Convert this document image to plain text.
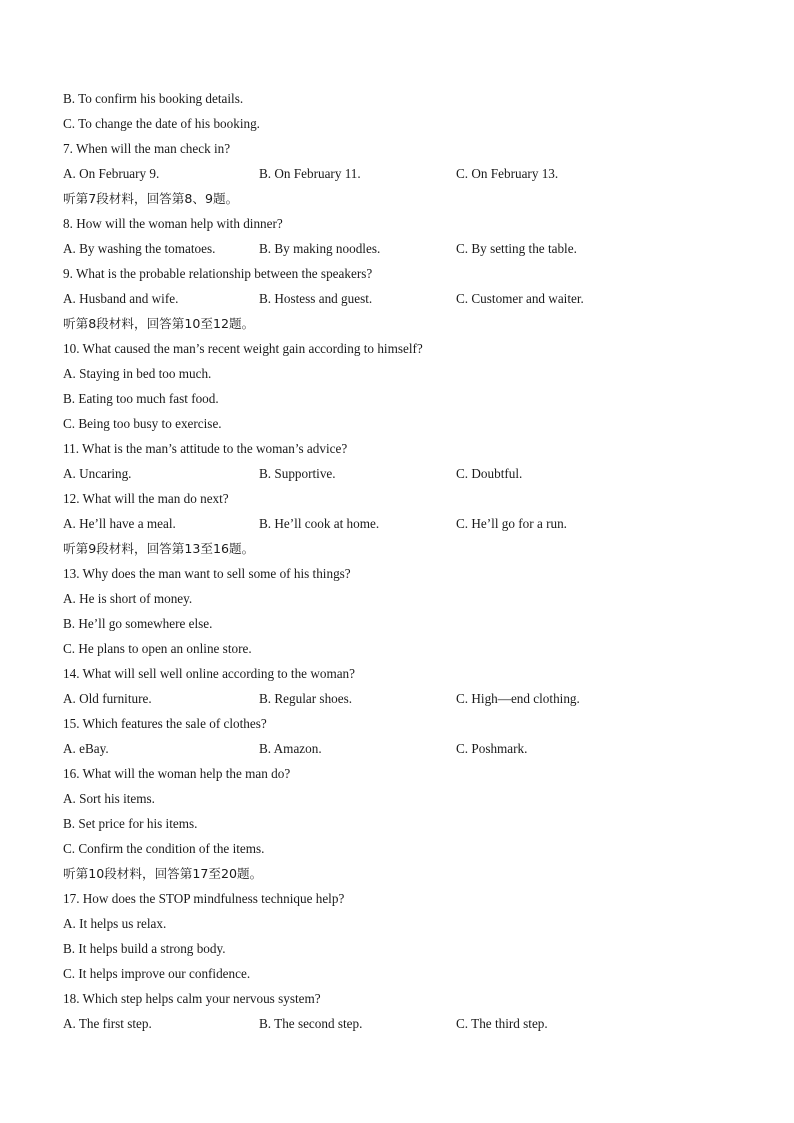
B. To confirm his booking details.
C. To change the date of his booking.
7. When will the man check in?
A. On February 9.	B. On February 11.	C. On February 13.
听第7段材料，回答第8、9题。
8. How will the woman help with dinner?
A. By washing the tomatoes.	B. By making noodles.	C. By setting the table.
9. What is the probable relationship between the speakers?
A. Husband and wife.	B. Hostess and guest.	C. Customer and waiter.
听第8段材料，回答第10至12题。
10. What caused the man’s recent weight gain according to himself?
A. Staying in bed too much.
B. Eating too much fast food.
C. Being too busy to exercise.
11. What is the man’s attitude to the woman’s advice?
A. Uncaring.	B. Supportive.	C. Doubtful.
12. What will the man do next?
A. He’ll have a meal.	B. He’ll cook at home.	C. He’ll go for a run.
听第9段材料，回答第13至16题。
13. Why does the man want to sell some of his things?
A. He is short of money.
B. He’ll go somewhere else.
C. He plans to open an online store.
14. What will sell well online according to the woman?
A. Old furniture.	B. Regular shoes.	C. High—end clothing.
15. Which features the sale of clothes?
A. eBay.	B. Amazon.	C. Poshmark.
16. What will the woman help the man do?
A. Sort his items.
B. Set price for his items.
C. Confirm the condition of the items.
听第10段材料，回答第17至20题。
17. How does the STOP mindfulness technique help?
A. It helps us relax.
B. It helps build a strong body.
C. It helps improve our confidence.
18. Which step helps calm your nervous system?
A. The first step.	B. The second step.	C. The third step.
